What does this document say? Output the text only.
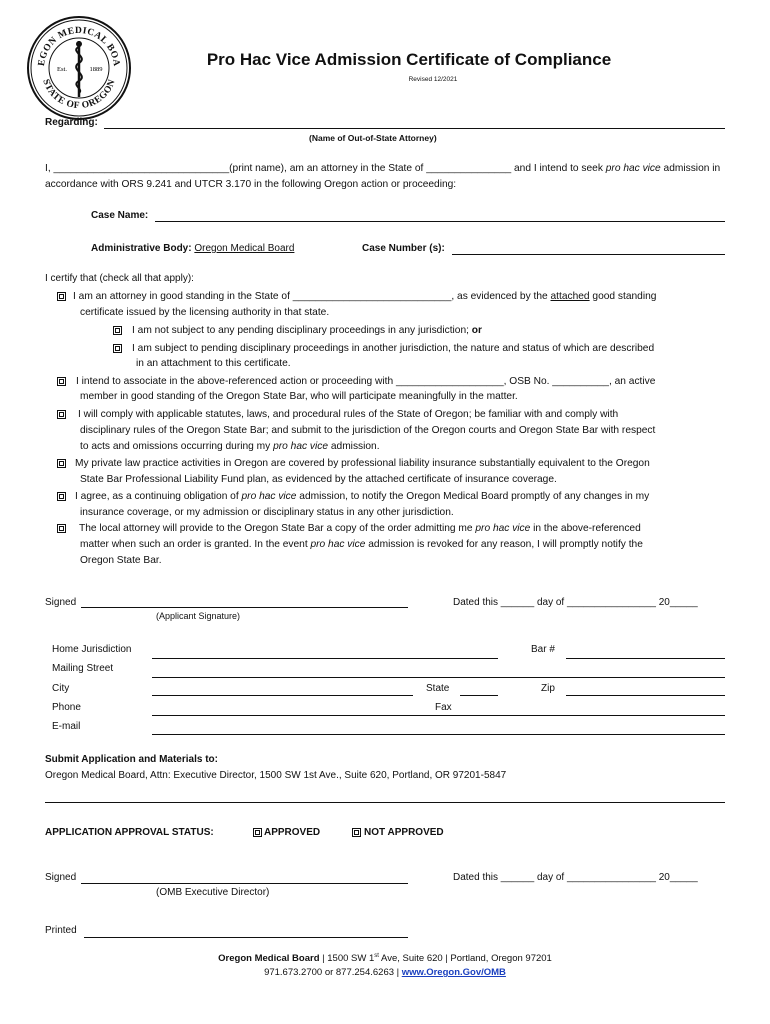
EGON MEDICAL BOA
STATE OF OREGON
Est.	1889
Pro Hac Vice Admission Certificate of Compliance
Revised 12/2021
Regarding:
(Name of Out-of-State Attorney)
I, _______________________________(print name), am an attorney in the State of _______________ and I intend to seek pro hac vice admission in accordance with ORS 9.241 and UTCR 3.170 in the following Oregon action or proceeding:
Case Name:
Administrative Body: Oregon Medical Board	Case Number (s):
I certify that (check all that apply):
I am an attorney in good standing in the State of ____________________________, as evidenced by the attached good standing
certificate issued by the licensing authority in that state.
I am not subject to any pending disciplinary proceedings in any jurisdiction; or
I am subject to pending disciplinary proceedings in another jurisdiction, the nature and status of which are described
in an attachment to this certificate.
I intend to associate in the above-referenced action or proceeding with ___________________, OSB No. __________, an active
member in good standing of the Oregon State Bar, who will participate meaningfully in the matter.
I will comply with applicable statutes, laws, and procedural rules of the State of Oregon; be familiar with and comply with
disciplinary rules of the Oregon State Bar; and submit to the jurisdiction of the Oregon courts and Oregon State Bar with respect
to acts and omissions occurring during my pro hac vice admission.
My private law practice activities in Oregon are covered by professional liability insurance substantially equivalent to the Oregon
State Bar Professional Liability Fund plan, as evidenced by the attached certificate of insurance coverage.
I agree, as a continuing obligation of pro hac vice admission, to notify the Oregon Medical Board promptly of any changes in my
insurance coverage, or my admission or disciplinary status in any other jurisdiction.
The local attorney will provide to the Oregon State Bar a copy of the order admitting me pro hac vice in the above-referenced
matter when such an order is granted. In the event pro hac vice admission is revoked for any reason, I will promptly notify the
Oregon State Bar.
Signed	Dated this ______ day of ________________ 20_____
(Applicant Signature)
Home Jurisdiction	Bar #
Mailing Street
City	State	Zip
Phone	Fax
E-mail
Submit Application and Materials to:
Oregon Medical Board, Attn: Executive Director, 1500 SW 1st Ave., Suite 620, Portland, OR 97201-5847
APPLICATION APPROVAL STATUS:	APPROVED	NOT APPROVED
Signed	Dated this ______ day of ________________ 20_____
(OMB Executive Director)
Printed
Oregon Medical Board | 1500 SW 1st Ave, Suite 620 | Portland, Oregon 97201
971.673.2700 or 877.254.6263 | www.Oregon.Gov/OMB
